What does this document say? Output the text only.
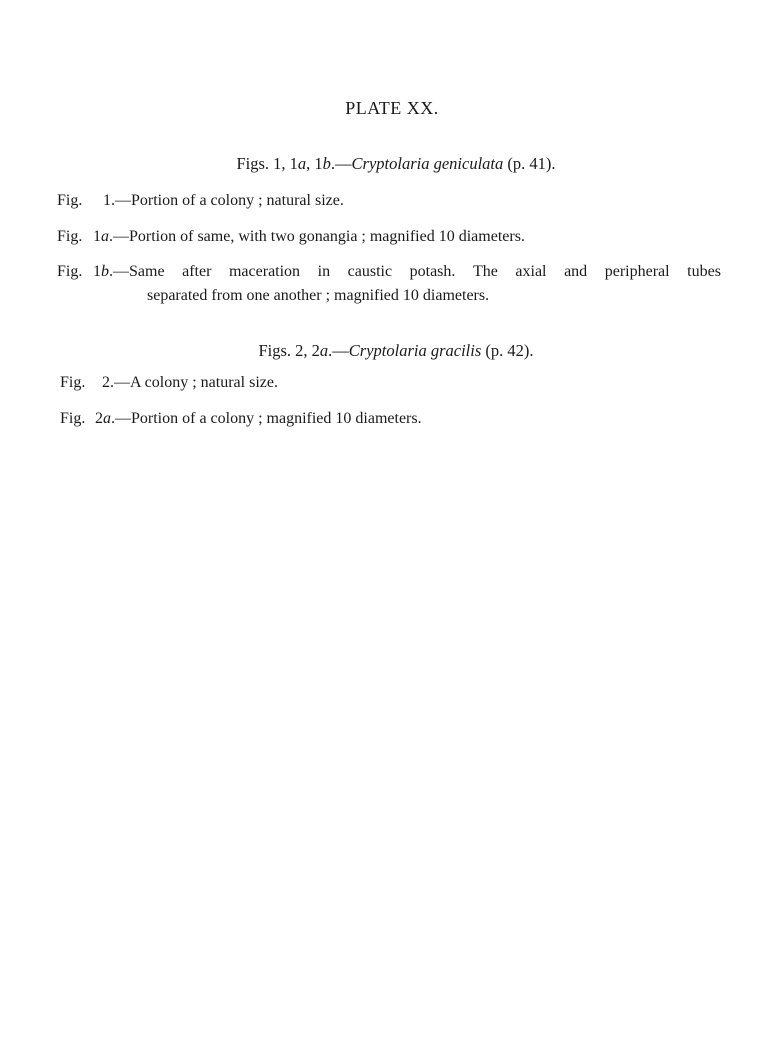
PLATE XX.
Figs. 1, 1a, 1b.—Cryptolaria geniculata (p. 41).
Fig. 1.—Portion of a colony ; natural size.
Fig. 1a.—Portion of same, with two gonangia ; magnified 10 diameters.
Fig. 1 b .—Same after maceration in caustic potash. The axial and peripheral tubes
separated from one another ; magnified 10 diameters.
Figs. 2, 2a.—Cryptolaria gracilis (p. 42).
Fig. 2.—A colony ; natural size.
Fig. 2a.—Portion of a colony ; magnified 10 diameters.
